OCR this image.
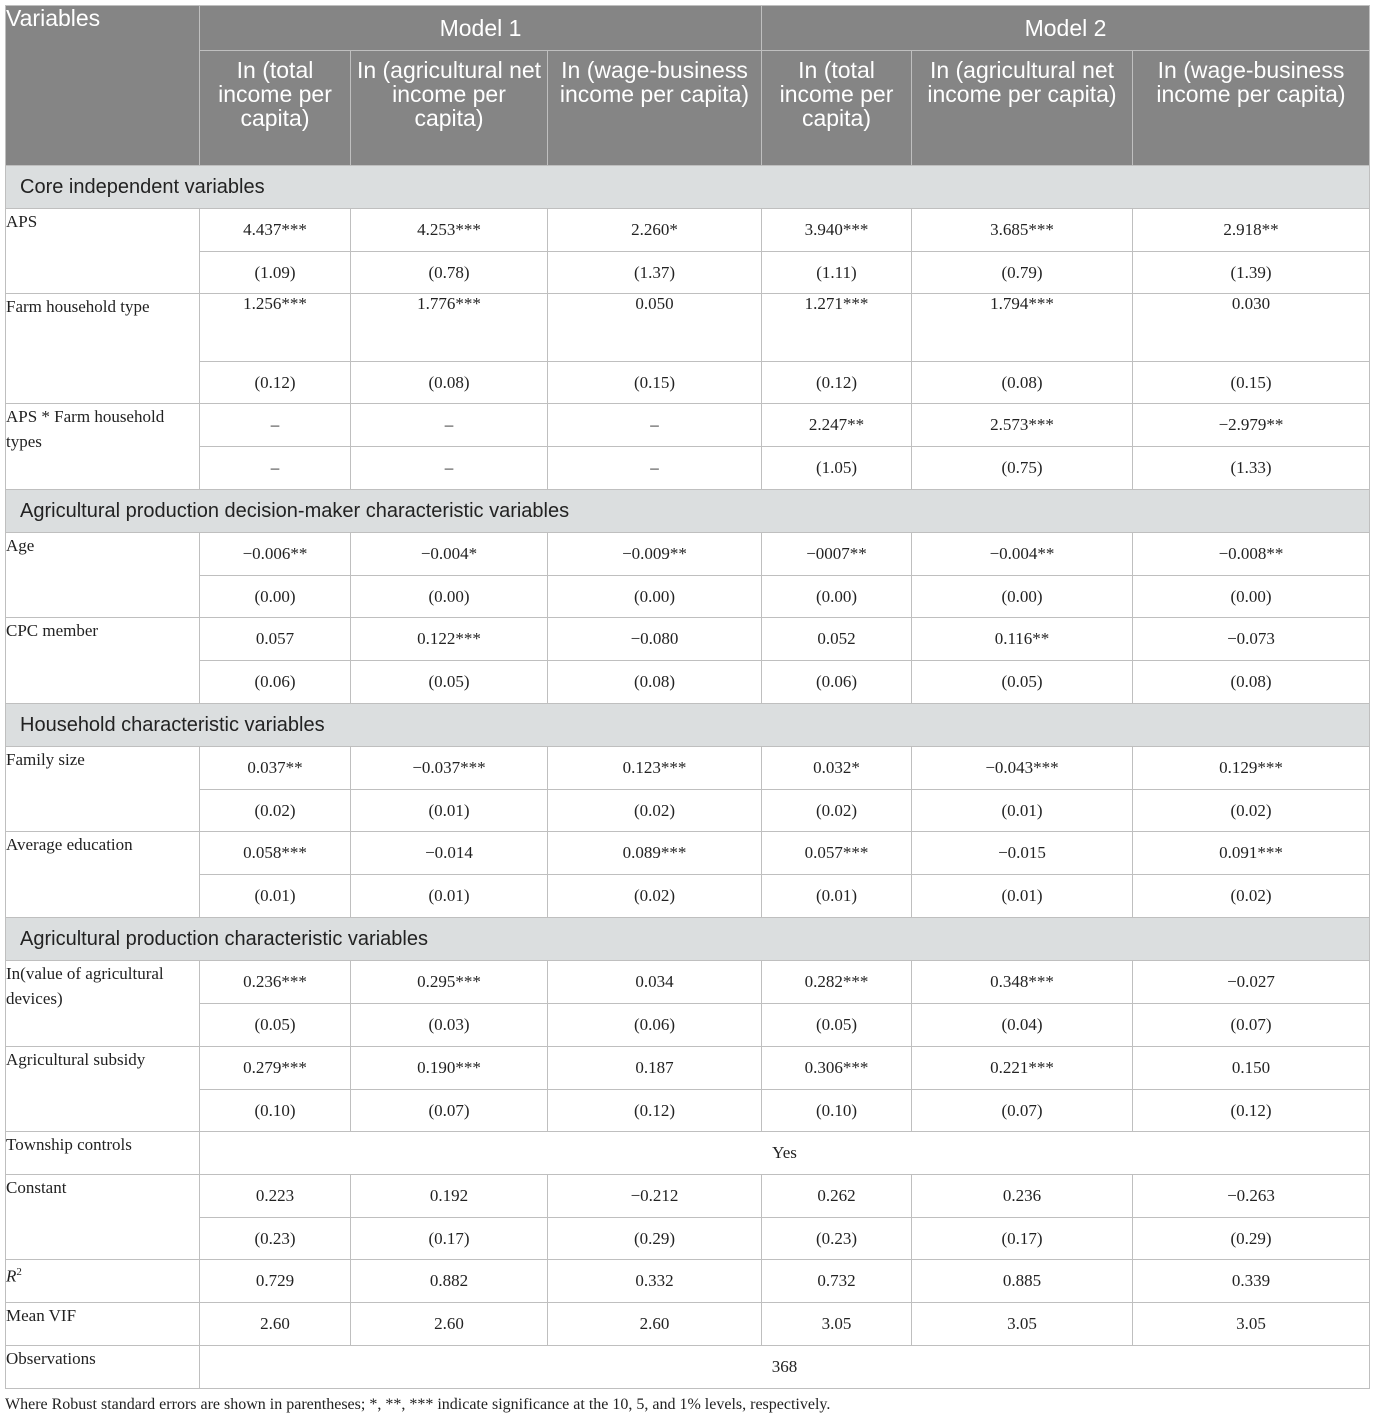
Variables	Model 1			Model 2		

	In (total income per capita)	In (agricultural net income per capita)	In (wage-business income per capita)	In (total income per capita)	In (agricultural net income per capita)	In (wage-business income per capita)

Core independent variables						
APS	4.437***	4.253***	2.260*	3.940***	3.685***	2.918**
	(1.09)	(0.78)	(1.37)	(1.11)	(0.79)	(1.39)
Farm household type	1.256***	1.776***	0.050	1.271***	1.794***	0.030
	(0.12)	(0.08)	(0.15)	(0.12)	(0.08)	(0.15)
APS * Farm household types	–	–	–	2.247**	2.573***	−2.979**
	–	–	–	(1.05)	(0.75)	(1.33)
Agricultural production decision-maker characteristic variables						
Age	−0.006**	−0.004*	−0.009**	−0007**	−0.004**	−0.008**
	(0.00)	(0.00)	(0.00)	(0.00)	(0.00)	(0.00)
CPC member	0.057	0.122***	−0.080	0.052	0.116**	−0.073
	(0.06)	(0.05)	(0.08)	(0.06)	(0.05)	(0.08)
Household characteristic variables						
Family size	0.037**	−0.037***	0.123***	0.032*	−0.043***	0.129***
	(0.02)	(0.01)	(0.02)	(0.02)	(0.01)	(0.02)
Average education	0.058***	−0.014	0.089***	0.057***	−0.015	0.091***
	(0.01)	(0.01)	(0.02)	(0.01)	(0.01)	(0.02)
Agricultural production characteristic variables						
In(value of agricultural devices)	0.236***	0.295***	0.034	0.282***	0.348***	−0.027
	(0.05)	(0.03)	(0.06)	(0.05)	(0.04)	(0.07)
Agricultural subsidy	0.279***	0.190***	0.187	0.306***	0.221***	0.150
	(0.10)	(0.07)	(0.12)	(0.10)	(0.07)	(0.12)
Township controls	Yes					
Constant	0.223	0.192	−0.212	0.262	0.236	−0.263
	(0.23)	(0.17)	(0.29)	(0.23)	(0.17)	(0.29)
$R^2$	0.729	0.882	0.332	0.732	0.885	0.339
Mean VIF	2.60	2.60	2.60	3.05	3.05	3.05
Observations	368					
Where Robust standard errors are shown in parentheses; *, **, *** indicate significance at the 10, 5, and 1% levels, respectively.
